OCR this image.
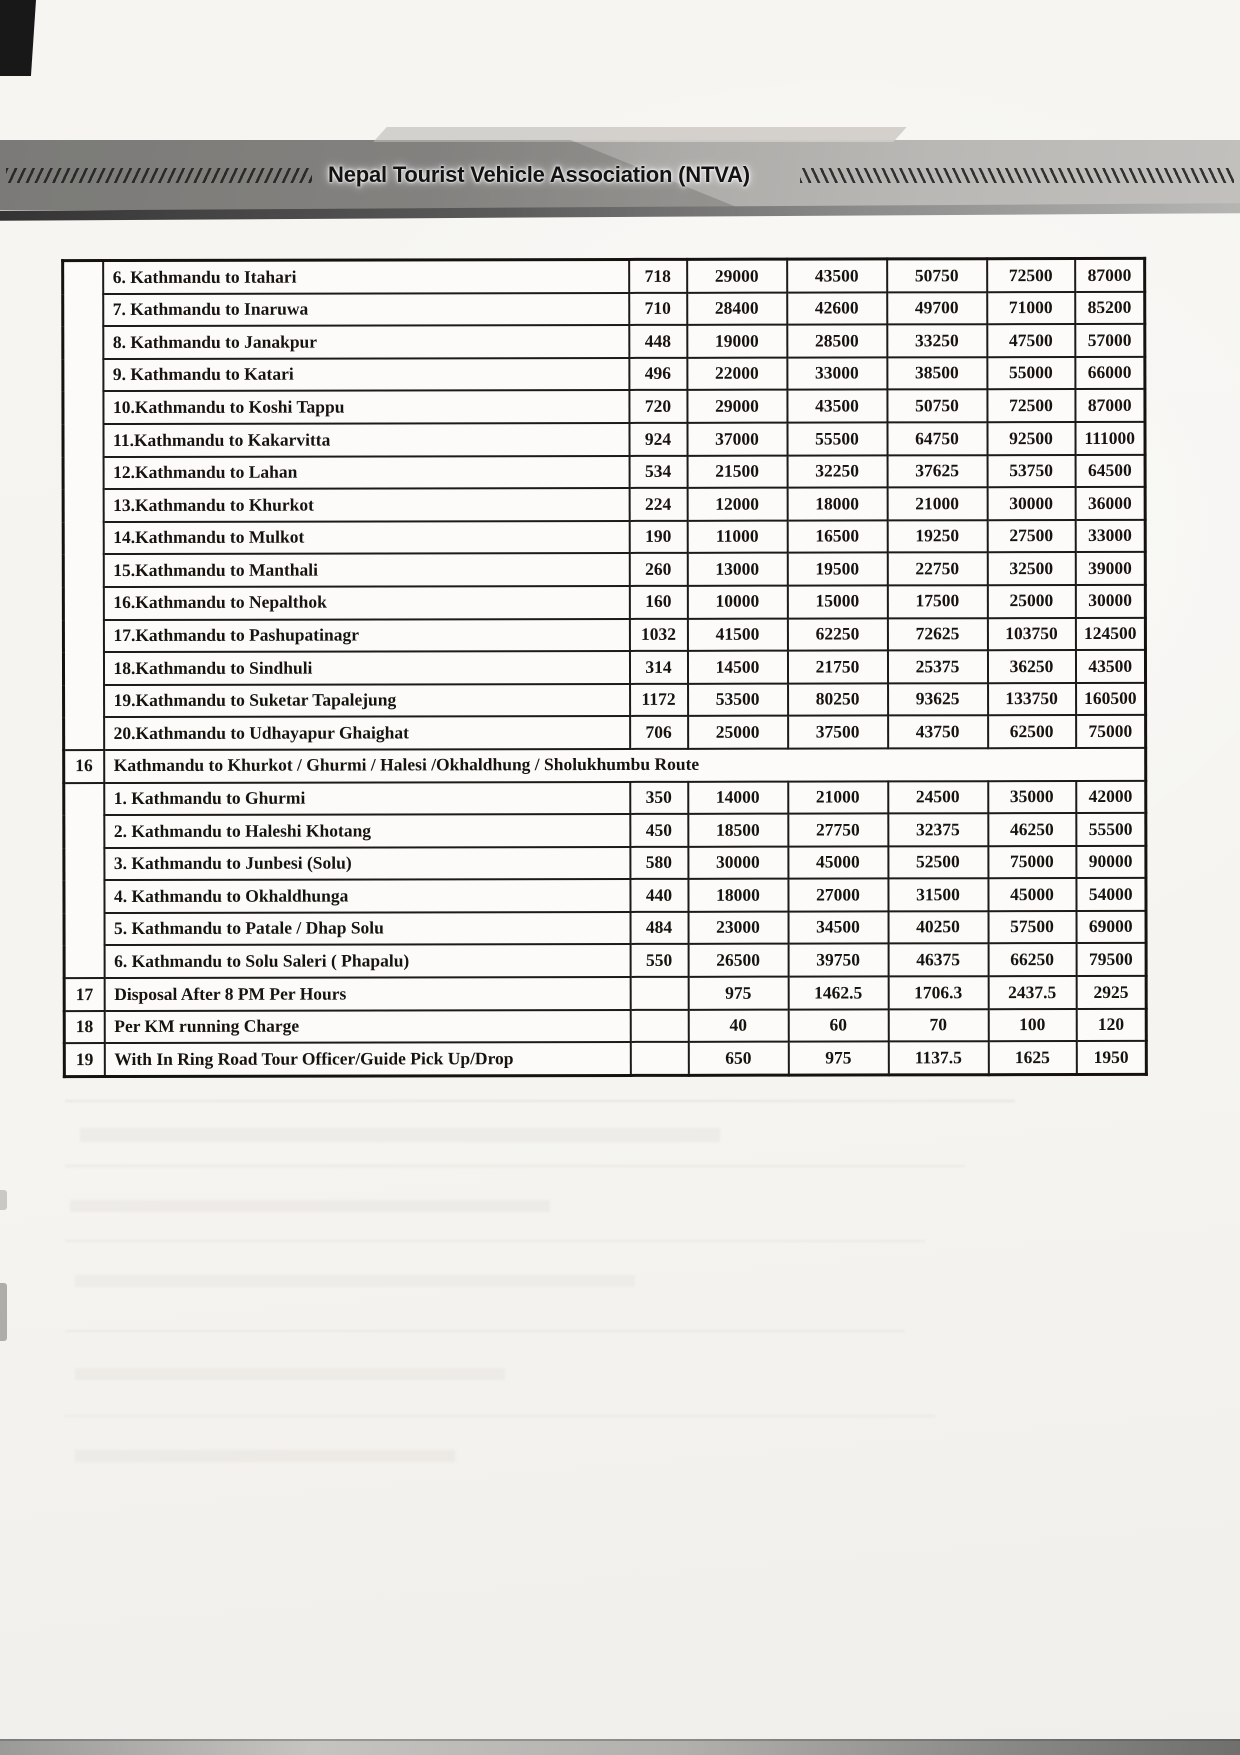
Nepal Tourist Vehicle Association (NTVA)
	6. Kathmandu to Itahari	718	29000	43500	50750	72500	87000
	7. Kathmandu to Inaruwa	710	28400	42600	49700	71000	85200
	8. Kathmandu to Janakpur	448	19000	28500	33250	47500	57000
	9. Kathmandu to Katari	496	22000	33000	38500	55000	66000
	10.Kathmandu to Koshi Tappu	720	29000	43500	50750	72500	87000
	11.Kathmandu to Kakarvitta	924	37000	55500	64750	92500	111000
	12.Kathmandu to Lahan	534	21500	32250	37625	53750	64500
	13.Kathmandu to Khurkot	224	12000	18000	21000	30000	36000
	14.Kathmandu to Mulkot	190	11000	16500	19250	27500	33000
	15.Kathmandu to Manthali	260	13000	19500	22750	32500	39000
	16.Kathmandu to Nepalthok	160	10000	15000	17500	25000	30000
	17.Kathmandu to Pashupatinagr	1032	41500	62250	72625	103750	124500
	18.Kathmandu to Sindhuli	314	14500	21750	25375	36250	43500
	19.Kathmandu to Suketar Tapalejung	1172	53500	80250	93625	133750	160500
	20.Kathmandu to Udhayapur Ghaighat	706	25000	37500	43750	62500	75000
16	Kathmandu to Khurkot / Ghurmi / Halesi /Okhaldhung / Sholukhumbu Route						
	1. Kathmandu to Ghurmi	350	14000	21000	24500	35000	42000
	2. Kathmandu to Haleshi Khotang	450	18500	27750	32375	46250	55500
	3. Kathmandu to Junbesi (Solu)	580	30000	45000	52500	75000	90000
	4. Kathmandu to Okhaldhunga	440	18000	27000	31500	45000	54000
	5. Kathmandu to Patale / Dhap Solu	484	23000	34500	40250	57500	69000
	6. Kathmandu to Solu Saleri ( Phapalu)	550	26500	39750	46375	66250	79500
17	Disposal After 8 PM Per Hours		975	1462.5	1706.3	2437.5	2925
18	Per KM running Charge		40	60	70	100	120
19	With In Ring Road Tour Officer/Guide Pick Up/Drop		650	975	1137.5	1625	1950
